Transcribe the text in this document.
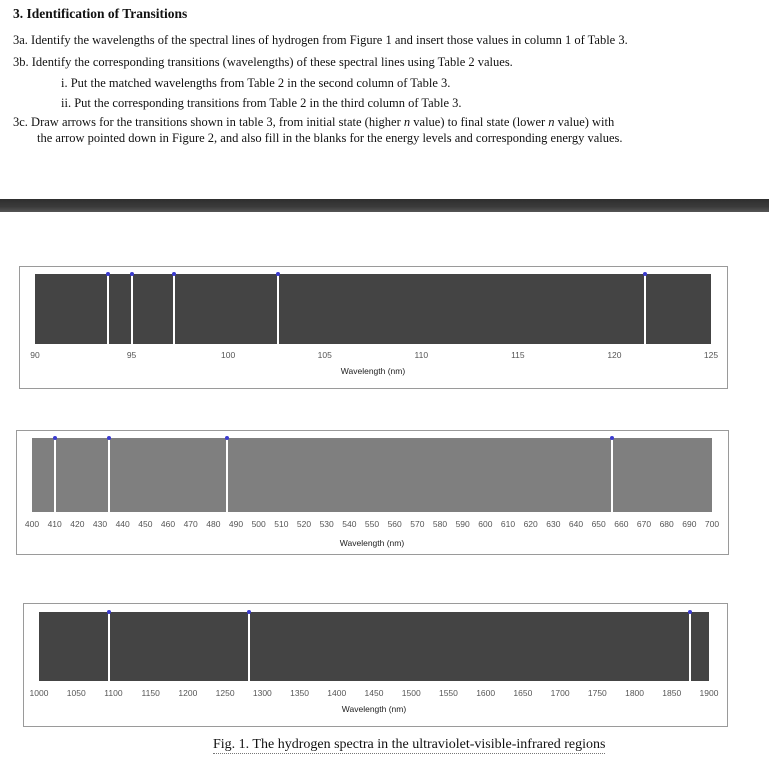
3. Identification of Transitions
3a. Identify the wavelengths of the spectral lines of hydrogen from Figure 1 and insert those values in column 1 of Table 3.
3b. Identify the corresponding transitions (wavelengths) of these spectral lines using Table 2 values.
i. Put the matched wavelengths from Table 2 in the second column of Table 3.
ii. Put the corresponding transitions from Table 2 in the third column of Table 3.
3c. Draw arrows for the transitions shown in table 3, from initial state (higher n value) to final state (lower n value) with
the arrow pointed down in Figure 2, and also fill in the blanks for the energy levels and corresponding energy values.
90	95	100	105	110	115	120	125
Wavelength (nm)
400 410 420 430 440 450 460 470 480 490 500 510 520 530 540 550 560 570 580 590 600 610 620 630 640 650 660 670 680 690 700
Wavelength (nm)
1000 1050 1100 1150 1200 1250 1300 1350 1400 1450 1500 1550 1600 1650 1700 1750 1800 1850 1900
Wavelength (nm)
Fig. 1. The hydrogen spectra in the ultraviolet-visible-infrared regions
